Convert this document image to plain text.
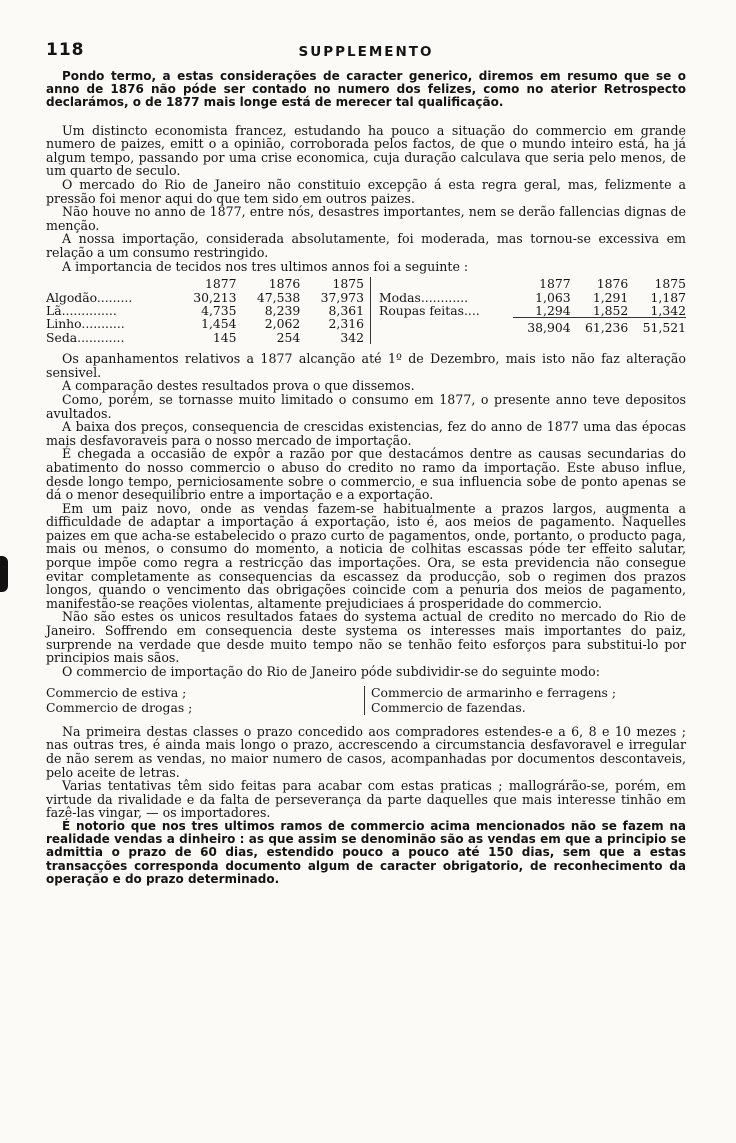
118	SUPPLEMENTO

Pondo termo, a estas considerações de caracter generico, diremos em resumo que se o anno de 1876 não póde ser contado no numero dos felizes, como no aterior Retrospecto declarámos, o de 1877 mais longe está de merecer tal qualificação.

Um distincto economista francez, estudando ha pouco a situação do commercio em grande numero de paizes, emitt o a opinião, corroborada pelos factos, de que o mundo inteiro está, ha já algum tempo, passando por uma crise economica, cuja duração calculava que seria pelo menos, de um quarto de seculo.

O mercado do Rio de Janeiro não constituio excepção á esta regra geral, mas, felizmente a pressão foi menor aqui do que tem sido em outros paizes.

Não houve no anno de 1877, entre nós, desastres importantes, nem se derão fallencias dignas de menção.

A nossa importação, considerada absolutamente, foi moderada, mas tornou-se excessiva em relação a um consumo restringido.

A importancia de tecidos nos tres ultimos annos foi a seguinte :

	1877	1876	1875
Algodão.........	30,213	47,538	37,973
Lã..............	4,735	8,239	8,361
Linho...........	1,454	2,062	2,316
Seda............	145	254	342
	1877	1876	1875
Modas............	1,063	1,291	1,187
Roupas feitas....	1,294	1,852	1,342

	38,904	61,236	51,521

Os apanhamentos relativos a 1877 alcanção até 1º de Dezembro, mais isto não faz alteração sensivel.

A comparação destes resultados prova o que dissemos.

Como, porém, se tornasse muito limitado o consumo em 1877, o presente anno teve depositos avultados.

A baixa dos preços, consequencia de crescidas existencias, fez do anno de 1877 uma das épocas mais desfavoraveis para o nosso mercado de importação.

É chegada a occasião de expôr a razão por que destacámos dentre as causas secundarias do abatimento do nosso commercio o abuso do credito no ramo da importação. Este abuso influe, desde longo tempo, perniciosamente sobre o commercio, e sua influencia sobe de ponto apenas se dá o menor desequilibrio entre a importação e a exportação.

Em um paiz novo, onde as vendas fazem-se habitualmente a prazos largos, augmenta a difficuldade de adaptar a importação á exportação, isto é, aos meios de pagamento. Naquelles paizes em que acha-se estabelecido o prazo curto de pagamentos, onde, portanto, o producto paga, mais ou menos, o consumo do momento, a noticia de colhitas escassas póde ter effeito salutar, porque impõe como regra a restricção das importações. Ora, se esta previdencia não consegue evitar completamente as consequencias da escassez da producção, sob o regimen dos prazos longos, quando o vencimento das obrigações coincide com a penuria dos meios de pagamento, manifestão-se reações violentas, altamente prejudiciaes á prosperidade do commercio.

Não são estes os unicos resultados fataes do systema actual de credito no mercado do Rio de Janeiro. Soffrendo em consequencia deste systema os interesses mais importantes do paiz, surprende na verdade que desde muito tempo não se tenhão feito esforços para substitui-lo por principios mais sãos.

O commercio de importação do Rio de Janeiro póde subdividir-se do seguinte modo:

Commercio de estiva ;
Commercio de drogas ;
Commercio de armarinho e ferragens ;
Commercio de fazendas.

Na primeira destas classes o prazo concedido aos compradores estendes-e a 6, 8 e 10 mezes ; nas outras tres, é ainda mais longo o prazo, accrescendo a circumstancia desfavoravel e irregular de não serem as vendas, no maior numero de casos, acompanhadas por documentos descontaveis, pelo aceite de letras.

Varias tentativas têm sido feitas para acabar com estas praticas ; mallográrão-se, porém, em virtude da rivalidade e da falta de perseverança da parte daquelles que mais interesse tinhão em fazê-las vingar, — os importadores.

É notorio que nos tres ultimos ramos de commercio acima mencionados não se fazem na realidade vendas a dinheiro : as que assim se denominão são as vendas em que a principio se admittia o prazo de 60 dias, estendido pouco a pouco até 150 dias, sem que a estas transacções corresponda documento algum de caracter obrigatorio, de reconhecimento da operação e do prazo determinado.
